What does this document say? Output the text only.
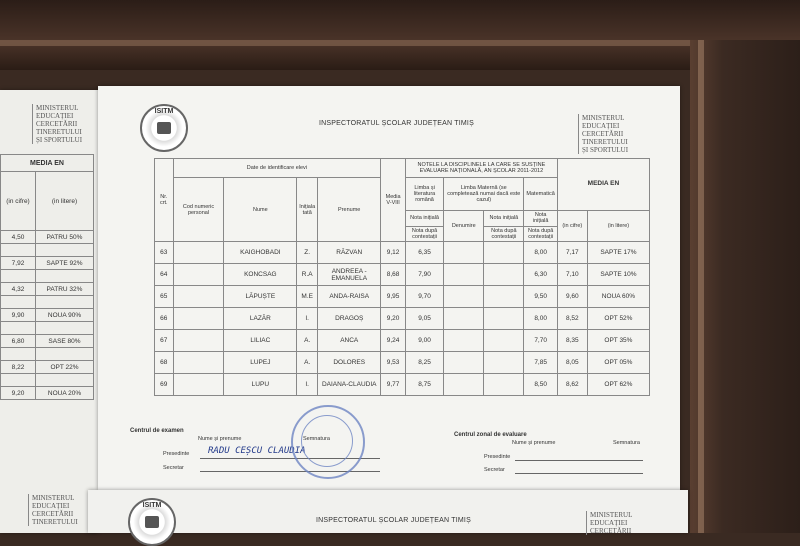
MINISTERUL
EDUCAȚIEI
CERCETĂRII
TINERETULUI
ȘI SPORTULUI
MEDIA EN	
(in cifre)	(in litere)
4,50	PATRU 50%

7,92	SAPTE 92%

4,32	PATRU 32%

9,90	NOUA 90%

6,80	SASE 80%

8,22	OPT 22%

9,20	NOUA 20%
MINISTERUL
EDUCAȚIEI
CERCETĂRII
TINERETULUI
ISITM
INSPECTORATUL ȘCOLAR JUDEȚEAN TIMIȘ
MINISTERUL
EDUCAȚIEI
CERCETĂRII
TINERETULUI
ȘI SPORTULUI
Nr. crt.	Date de identificare elevi				Media V-VIII	NOTELE LA DISCIPLINELE LA CARE SE SUSȚINE EVALUARE NAȚIONALĂ, AN ȘCOLAR 2011-2012				MEDIA EN	
	Cod numeric personal	Nume	Inițiala tată	Prenume		Limba și literatura română	Limba Maternă (se completează numai dacă este cazul)		Matematică		
						Nota inițială	Denumire	Nota inițială	Nota inițială	(in cifre)	(in litere)
						Nota după contestații		Nota după contestații	Nota după contestații		
63		KAIGHOBADI	Z.	RĂZVAN	9,12	6,35			8,00	7,17	SAPTE 17%
64		KONCSAG	R.A	ANDREEA - EMANUELA	8,68	7,90			6,30	7,10	SAPTE 10%
65		LĂPUȘTE	M.E	ANDA-RAISA	9,95	9,70			9,50	9,60	NOUA 60%
66		LAZĂR	I.	DRAGOȘ	9,20	9,05			8,00	8,52	OPT 52%
67		LILIAC	A.	ANCA	9,24	9,00			7,70	8,35	OPT 35%
68		LUPEJ	A.	DOLORES	9,53	8,25			7,85	8,05	OPT 05%
69		LUPU	I.	DAIANA-CLAUDIA	9,77	8,75			8,50	8,62	OPT 62%
Centrul de examen
Nume și prenume	Semnatura
Presedinte
Secretar
RADU CEȘCU CLAUDIA
Centrul zonal de evaluare
Nume și prenume	Semnatura
Presedinte
Secretar
ISITM
INSPECTORATUL ȘCOLAR JUDEȚEAN TIMIȘ
MINISTERUL
EDUCAȚIEI
CERCETĂRII
